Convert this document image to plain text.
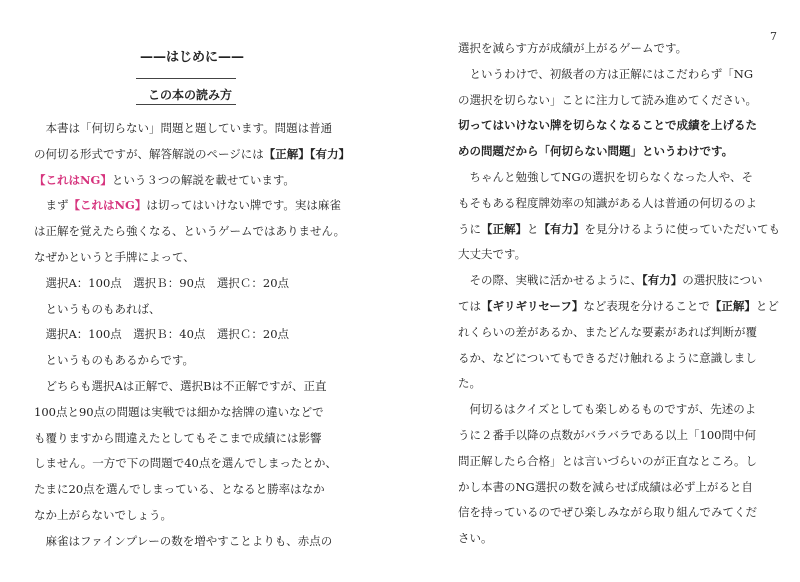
7
——はじめに——
この本の読み方
　本書は「何切らない」問題と題しています。問題は普通
の何切る形式ですが、解答解説のページには【正解】【有力】
【これはNG】という３つの解説を載せています。
　まず【これはNG】は切ってはいけない牌です。実は麻雀
は正解を覚えたら強くなる、というゲームではありません。
なぜかというと手牌によって、
　選択A：100点　選択Ｂ：90点　選択Ｃ：20点
　というものもあれば、
　選択A：100点　選択Ｂ：40点　選択Ｃ：20点
　というものもあるからです。
　どちらも選択Aは正解で、選択Bは不正解ですが、正直
100点と90点の問題は実戦では細かな捨牌の違いなどで
も覆りますから間違えたとしてもそこまで成績には影響
しません。一方で下の問題で40点を選んでしまったとか、
たまに20点を選んでしまっている、となると勝率はなか
なか上がらないでしょう。
　麻雀はファインプレーの数を増やすことよりも、赤点の
選択を減らす方が成績が上がるゲームです。
　というわけで、初級者の方は正解にはこだわらず「NG
の選択を切らない」ことに注力して読み進めてください。
切ってはいけない牌を切らなくなることで成績を上げるた
めの問題だから「何切らない問題」というわけです。
　ちゃんと勉強してNGの選択を切らなくなった人や、そ
もそもある程度牌効率の知識がある人は普通の何切るのよ
うに【正解】と【有力】を見分けるように使っていただいても
大丈夫です。
　その際、実戦に活かせるように、【有力】の選択肢につい
ては【ギリギリセーフ】など表現を分けることで【正解】とど
れくらいの差があるか、またどんな要素があれば判断が覆
るか、などについてもできるだけ触れるように意識しまし
た。
　何切るはクイズとしても楽しめるものですが、先述のよ
うに２番手以降の点数がバラバラである以上「100問中何
問正解したら合格」とは言いづらいのが正直なところ。し
かし本書のNG選択の数を減らせば成績は必ず上がると自
信を持っているのでぜひ楽しみながら取り組んでみてくだ
さい。
